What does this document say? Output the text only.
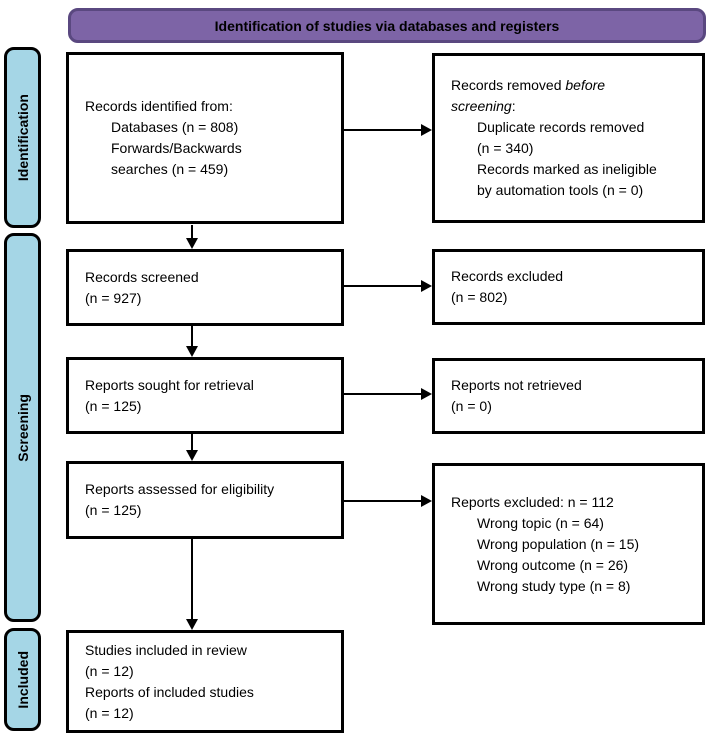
Identification of studies via databases and registers
Identification
Screening
Included
Records identified from:
Databases (n = 808)
Forwards/Backwards
searches (n = 459)
Records screened
(n = 927)
Reports sought for retrieval
(n = 125)
Reports assessed for eligibility
(n = 125)
Studies included in review
(n = 12)
Reports of included studies
(n = 12)
Records removed before
screening:
Duplicate records removed
(n = 340)
Records marked as ineligible
by automation tools (n = 0)
Records excluded
(n = 802)
Reports not retrieved
(n = 0)
Reports excluded: n = 112
Wrong topic (n = 64)
Wrong population (n = 15)
Wrong outcome (n = 26)
Wrong study type (n = 8)
